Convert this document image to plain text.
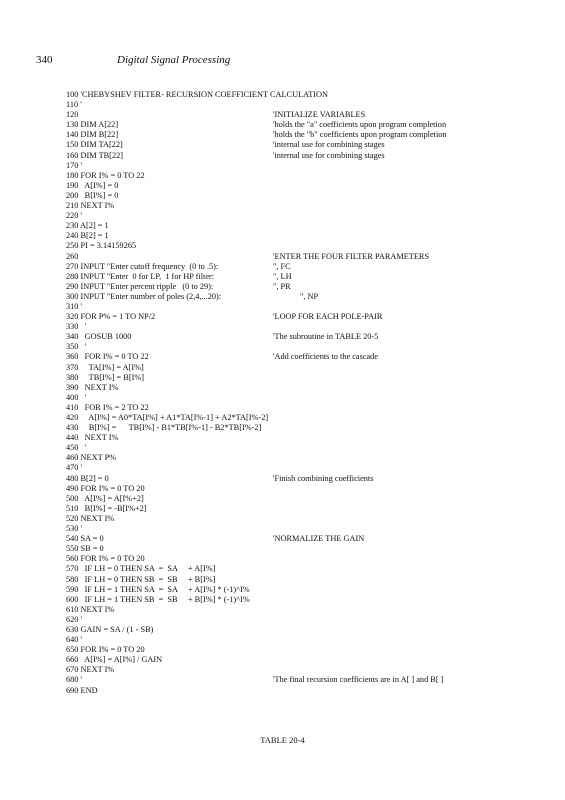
340	Digital Signal Processing
100 'CHEBYSHEV FILTER- RECURSION COEFFICIENT CALCULATION
110 '
120	'INITIALIZE VARIABLES
130 DIM A[22]	'holds the "a" coefficients upon program completion
140 DIM B[22]	'holds the "b" coefficients upon program completion
150 DIM TA[22]	'internal use for combining stages
160 DIM TB[22]	'internal use for combining stages
170 '
180 FOR I% = 0 TO 22
190   A[I%] = 0
200   B[I%] = 0
210 NEXT I%
220 '
230 A[2] = 1
240 B[2] = 1
250 PI = 3.14159265
260	'ENTER THE FOUR FILTER PARAMETERS
270 INPUT "Enter cutoff frequency  (0 to .5):	", FC
280 INPUT "Enter  0 for LP,  1 for HP filter:	", LH
290 INPUT "Enter percent ripple   (0 to 29):	", PR
300 INPUT "Enter number of poles (2,4,...20):	", NP
310 '
320 FOR P% = 1 TO NP/2	'LOOP FOR EACH POLE-PAIR
330   '
340   GOSUB 1000	'The subroutine in TABLE 20-5
350   '
360   FOR I% = 0 TO 22	'Add coefficients to the cascade
370     TA[I%] = A[I%]
380     TB[I%] = B[I%]
390   NEXT I%
400   '
410   FOR I% = 2 TO 22
420     A[I%] = A0*TA[I%] + A1*TA[I%-1] + A2*TA[I%-2]
430     B[I%] =      TB[I%] - B1*TB[I%-1] - B2*TB[I%-2]
440   NEXT I%
450   '
460 NEXT P%
470 '
480 B[2] = 0	'Finish combining coefficients
490 FOR I% = 0 TO 20
500   A[I%] = A[I%+2]
510   B[I%] = -B[I%+2]
520 NEXT I%
530 '
540 SA = 0	'NORMALIZE THE GAIN
550 SB = 0
560 FOR I% = 0 TO 20
570   IF LH = 0 THEN SA  =  SA     + A[I%]
580   IF LH = 0 THEN SB  =  SB     + B[I%]
590   IF LH = 1 THEN SA  =  SA     + A[I%] * (-1)^I%
600   IF LH = 1 THEN SB  =  SB     + B[I%] * (-1)^I%
610 NEXT I%
620 '
630 GAIN = SA / (1 - SB)
640 '
650 FOR I% = 0 TO 20
660   A[I%] = A[I%] / GAIN
670 NEXT I%
680 '	'The final recursion coefficients are in A[ ] and B[ ]
690 END
TABLE 20-4
